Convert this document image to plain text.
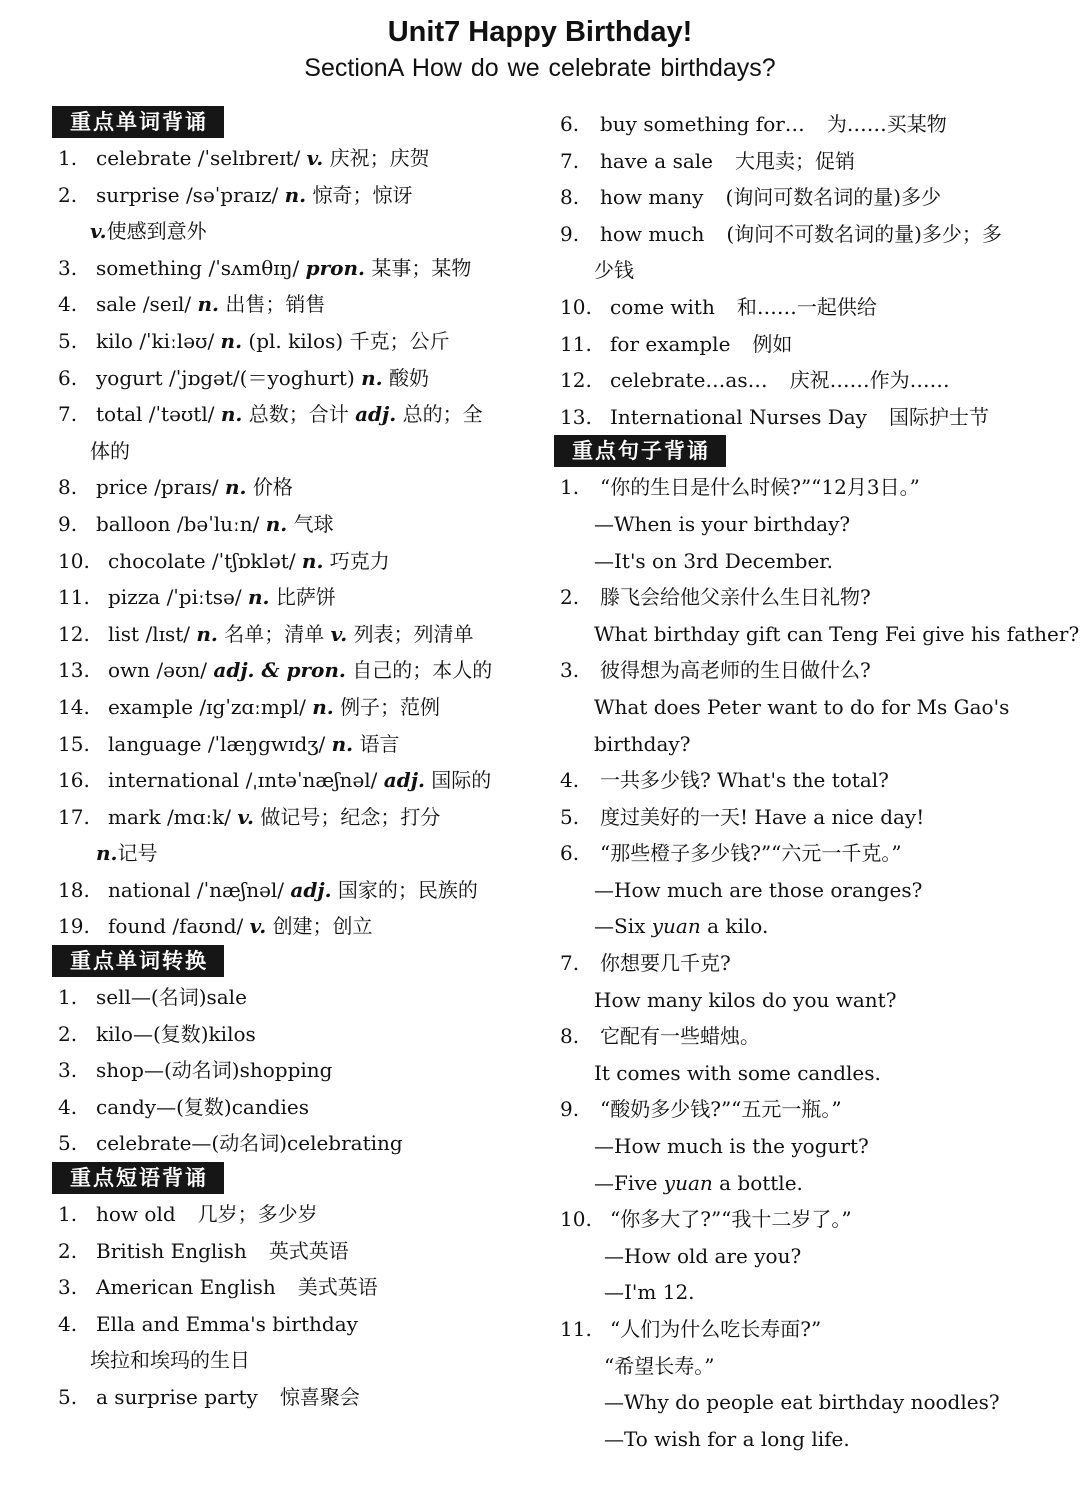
Unit7 Happy Birthday!
SectionA How do we celebrate birthdays?
重点单词背诵
1. celebrate /ˈselɪbreɪt/ v. 庆祝；庆贺
2. surprise /səˈpraɪz/ n. 惊奇；惊讶
v. 使感到意外
3. something /ˈsʌmθɪŋ/ pron. 某事；某物
4. sale /seɪl/ n. 出售；销售
5. kilo /ˈkiːləʊ/ n. (pl. kilos) 千克；公斤
6. yogurt /ˈjɒgət/(＝yoghurt) n. 酸奶
7. total /ˈtəʊtl/ n. 总数；合计 adj. 总的；全
体的
8. price /praɪs/ n. 价格
9. balloon /bəˈluːn/ n. 气球
10. chocolate /ˈtʃɒklət/ n. 巧克力
11. pizza /ˈpiːtsə/ n. 比萨饼
12. list /lɪst/ n. 名单；清单 v. 列表；列清单
13. own /əʊn/ adj. & pron. 自己的；本人的
14. example /ɪgˈzɑːmpl/ n. 例子；范例
15. language /ˈlæŋgwɪdʒ/ n. 语言
16. international /ˌɪntəˈnæʃnəl/ adj. 国际的
17. mark /mɑːk/ v. 做记号；纪念；打分
n. 记号
18. national /ˈnæʃnəl/ adj. 国家的；民族的
19. found /faʊnd/ v. 创建；创立
重点单词转换
1. sell—(名词)sale
2. kilo—(复数)kilos
3. shop—(动名词)shopping
4. candy—(复数)candies
5. celebrate—(动名词)celebrating
重点短语背诵
1. how old 几岁；多少岁
2. British English 英式英语
3. American English 美式英语
4. Ella and Emma's birthday
埃拉和埃玛的生日
5. a surprise party 惊喜聚会
6.	buy something for… 为……买某物
7.	have a sale 大甩卖；促销
8.	how many (询问可数名词的量)多少
9.	how much (询问不可数名词的量)多少；多
少钱
10. come with 和……一起供给
11. for example 例如
12. celebrate…as… 庆祝……作为……
13. International Nurses Day 国际护士节
重点句子背诵
1.	“你的生日是什么时候?”“12月3日。”
—When is your birthday?
—It's on 3rd December.
2.	滕飞会给他父亲什么生日礼物?
What birthday gift can Teng Fei give his father?
3.	彼得想为高老师的生日做什么?
What does Peter want to do for Ms Gao's
birthday?
4.	一共多少钱? What's the total?
5.	度过美好的一天! Have a nice day!
6.	“那些橙子多少钱?”“六元一千克。”
—How much are those oranges?
—Six yuan a kilo.
7.	你想要几千克?
How many kilos do you want?
8.	它配有一些蜡烛。
It comes with some candles.
9.	“酸奶多少钱?”“五元一瓶。”
—How much is the yogurt?
—Five yuan a bottle.
10. “你多大了?”“我十二岁了。”
—How old are you?
—I'm 12.
11. “人们为什么吃长寿面?”
“希望长寿。”
—Why do people eat birthday noodles?
—To wish for a long life.
